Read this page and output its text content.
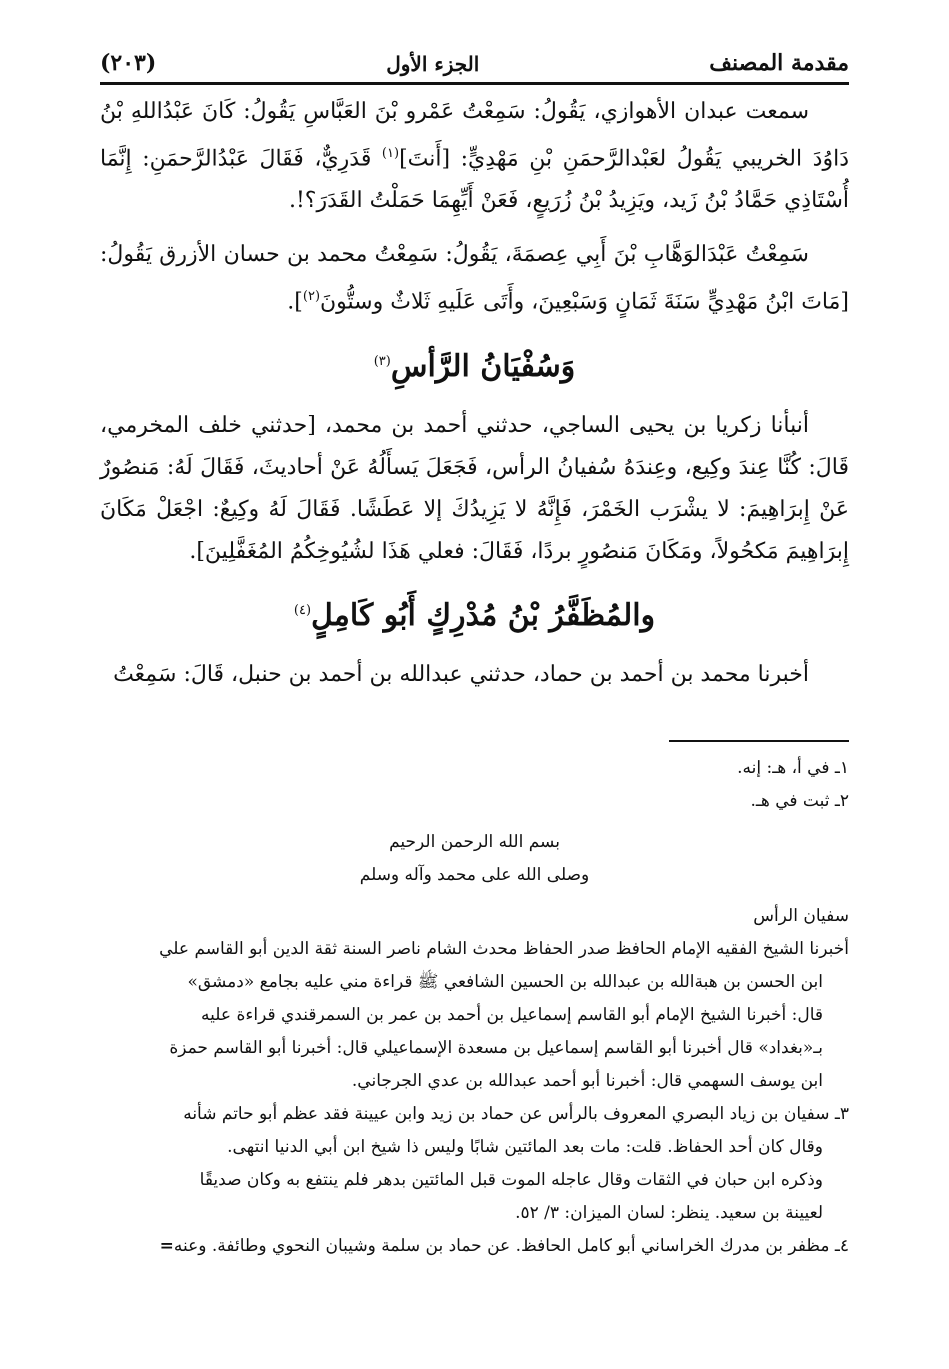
مقدمة المصنف
الجزء الأول
(٢٠٣)

سمعت عبدان الأهوازي، يَقُولُ: سَمِعْتُ عَمْرو بْنَ العَبَّاسِ يَقُولُ: كَانَ عَبْدُاللهِ بْنُ دَاوُدَ الخريبي يَقُولُ لعَبْدالرَّحمَنِ بْنِ مَهْدِيٍّ: [أَنتَ]$^{(١)}$ قَدَرِيٌّ، فَقَالَ عَبْدُالرَّحمَنِ: إِنَّمَا أُسْتَاذِي حَمَّادُ بْنُ زَيد، ويَزِيدُ بْنُ زُرَيعٍ، فَعَنْ أَيِّهِمَا حَمَلْتُ القَدَرَ؟!.

سَمِعْتُ عَبْدَالوَهَّابِ بْنَ أَبِي عِصمَةَ، يَقُولُ: سَمِعْتُ محمد بن حسان الأزرق يَقُولُ: [مَاتَ ابْنُ مَهْدِيٍّ سَنَةَ ثَمَانٍ وَسَبْعِينَ، وأَتَى عَلَيهِ ثَلاثٌ وستُّونَ$^{(٢)}$].

وَسُفْيَانُ الرَّأسِ$^{(٣)}$

أنبأنا زكريا بن يحيى الساجي، حدثني أحمد بن محمد، [حدثني خلف المخرمي، قَالَ: كُنَّا عِندَ وكِيع، وعِندَهُ سُفيانُ الرأس، فَجَعَلَ يَسأَلُهُ عَنْ أحاديثَ، فَقَالَ لَهُ: مَنصُورٌ عَنْ إِبرَاهِيمَ: لا يشْرَب الخَمْرَ، فَإِنَّهُ لا يَزِيدُكَ إلا عَطَشًا. فَقَالَ لَهُ وكِيعٌ: اجْعَلْ مَكَانَ إِبرَاهِيمَ مَكحُولاً، ومَكَانَ مَنصُورٍ بردًا، فَقَالَ: فعلي هَذَا لشُيُوخِكُمُ المُغَفَّلِينَ].

والمُظَفَّرُ بْنُ مُدْرِكٍ أَبُو كَامِلٍ$^{(٤)}$

أخبرنا محمد بن أحمد بن حماد، حدثني عبدالله بن أحمد بن حنبل، قَالَ: سَمِعْتُ

١ـ في أ، هـ: إنه.

٢ـ ثبت في هـ.

بسم الله الرحمن الرحيم

وصلى الله على محمد وآله وسلم

سفيان الرأس

أخبرنا الشيخ الفقيه الإمام الحافظ صدر الحفاظ محدث الشام ناصر السنة ثقة الدين أبو القاسم علي

ابن الحسن بن هبةالله بن عبدالله بن الحسين الشافعي ﷺ قراءة مني عليه بجامع «دمشق»

قال: أخبرنا الشيخ الإمام أبو القاسم إسماعيل بن أحمد بن عمر بن السمرقندي قراءة عليه

بـ«بغداد» قال أخبرنا أبو القاسم إسماعيل بن مسعدة الإسماعيلي قال: أخبرنا أبو القاسم حمزة

ابن يوسف السهمي قال: أخبرنا أبو أحمد عبدالله بن عدي الجرجاني.

٣ـ سفيان بن زياد البصري المعروف بالرأس عن حماد بن زيد وابن عيينة فقد عظم أبو حاتم شأنه

وقال كان أحد الحفاظ. قلت: مات بعد المائتين شابًا وليس ذا شيخ ابن أبي الدنيا انتهى.

وذكره ابن حبان في الثقات وقال عاجله الموت قبل المائتين بدهر فلم ينتفع به وكان صديقًا

لعيينة بن سعيد. ينظر: لسان الميزان: ٣/ ٥٢.

٤ـ مظفر بن مدرك الخراساني أبو كامل الحافظ. عن حماد بن سلمة وشيبان النحوي وطائفة. وعنه=
